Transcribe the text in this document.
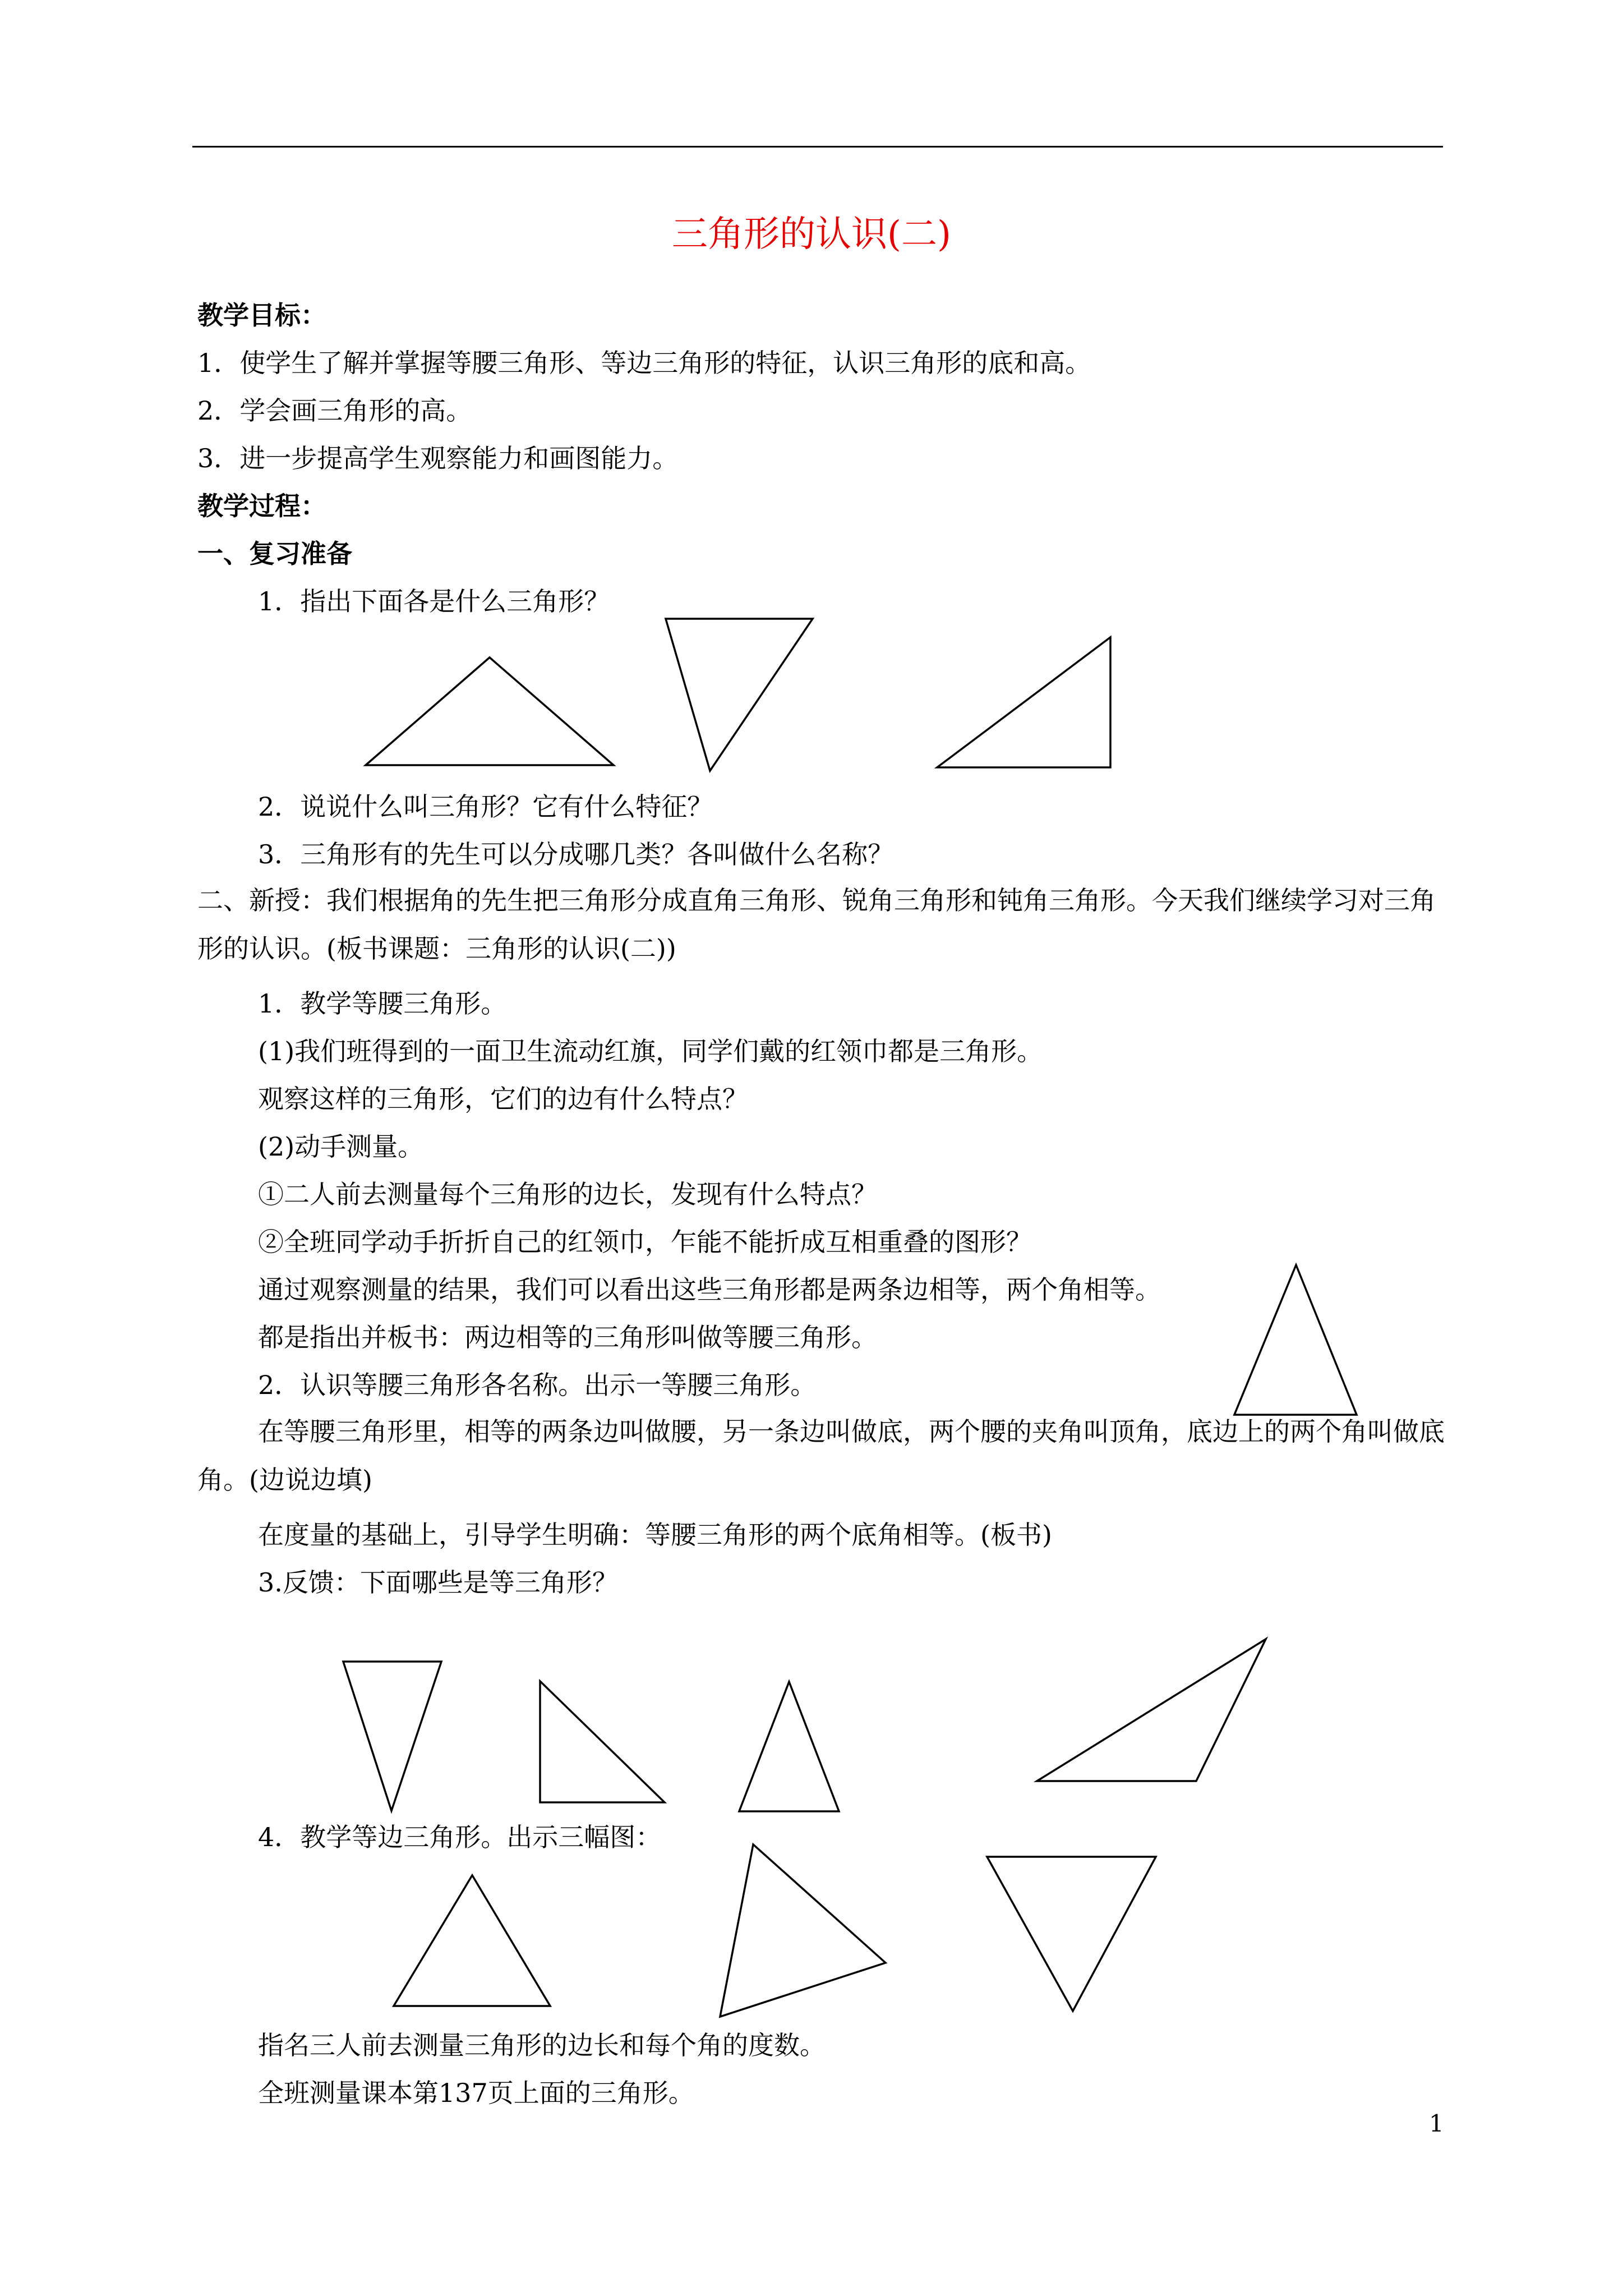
三角形的认识(二)
教学目标：
1．使学生了解并掌握等腰三角形、等边三角形的特征，认识三角形的底和高。
2．学会画三角形的高。
3．进一步提高学生观察能力和画图能力。
教学过程：
一、复习准备
1．指出下面各是什么三角形？
2．说说什么叫三角形？它有什么特征？
3．三角形有的先生可以分成哪几类？各叫做什么名称？
二、新授：我们根据角的先生把三角形分成直角三角形、锐角三角形和钝角三角形。今天我们继续学习对三角形的认识。(板书课题：三角形的认识(二))
1．教学等腰三角形。
(1)我们班得到的一面卫生流动红旗，同学们戴的红领巾都是三角形。
观察这样的三角形，它们的边有什么特点？
(2)动手测量。
①二人前去测量每个三角形的边长，发现有什么特点？
②全班同学动手折折自己的红领巾，乍能不能折成互相重叠的图形？
通过观察测量的结果，我们可以看出这些三角形都是两条边相等，两个角相等。
都是指出并板书：两边相等的三角形叫做等腰三角形。
2．认识等腰三角形各名称。出示一等腰三角形。
在等腰三角形里，相等的两条边叫做腰，另一条边叫做底，两个腰的夹角叫顶角，底边上的两个角叫做底角。(边说边填)
在度量的基础上，引导学生明确：等腰三角形的两个底角相等。(板书)
3.反馈：下面哪些是等三角形？
4．教学等边三角形。出示三幅图：
指名三人前去测量三角形的边长和每个角的度数。
全班测量课本第137页上面的三角形。
1
